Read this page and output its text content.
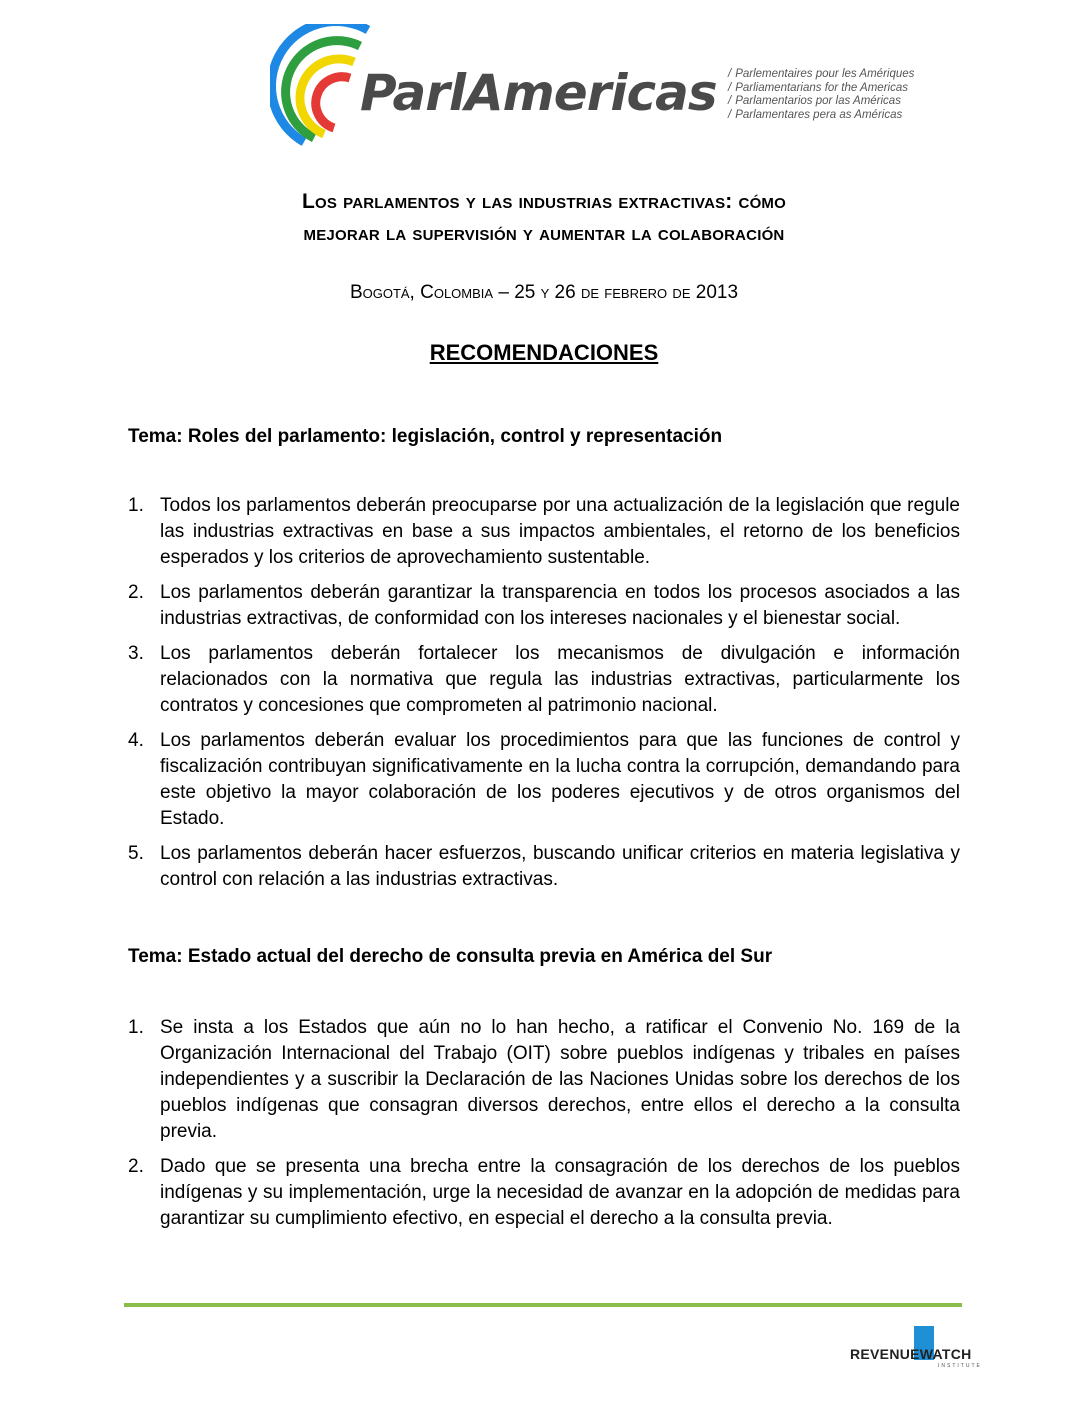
ParlAmericas
/	Parlementaires pour les Amériques
/ Parliamentarians for the Americas
/ Parlamentarios por las Américas
/ Parlamentares pera as Américas
Los parlamentos y las industrias extractivas: cómo
mejorar la supervisión y aumentar la colaboración
Bogotá, Colombia – 25 y 26 de febrero de 2013
RECOMENDACIONES
Tema: Roles del parlamento: legislación, control y representación
1. Todos los parlamentos deberán preocuparse por una actualización de la legislación que regule las industrias extractivas en base a sus impactos ambientales, el retorno de los beneficios esperados y los criterios de aprovechamiento sustentable.
2. Los parlamentos deberán garantizar la transparencia en todos los procesos asociados a las industrias extractivas, de conformidad con los intereses nacionales y el bienestar social.
3. Los parlamentos deberán fortalecer los mecanismos de divulgación e información relacionados con la normativa que regula las industrias extractivas, particularmente los contratos y concesiones que comprometen al patrimonio nacional.
4. Los parlamentos deberán evaluar los procedimientos para que las funciones de control y fiscalización contribuyan significativamente en la lucha contra la corrupción, demandando para este objetivo la mayor colaboración de los poderes ejecutivos y de otros organismos del Estado.
5. Los parlamentos deberán hacer esfuerzos, buscando unificar criterios en materia legislativa y control con relación a las industrias extractivas.
Tema: Estado actual del derecho de consulta previa en América del Sur
1. Se insta a los Estados que aún no lo han hecho, a ratificar el Convenio No. 169 de la Organización Internacional del Trabajo (OIT) sobre pueblos indígenas y tribales en países independientes y a suscribir la Declaración de las Naciones Unidas sobre los derechos de los pueblos indígenas que consagran diversos derechos, entre ellos el derecho a la consulta previa.
2. Dado que se presenta una brecha entre la consagración de los derechos de los pueblos indígenas y su implementación, urge la necesidad de avanzar en la adopción de medidas para garantizar su cumplimiento efectivo, en especial el derecho a la consulta previa.
REVENUEWATCH
INSTITUTE
